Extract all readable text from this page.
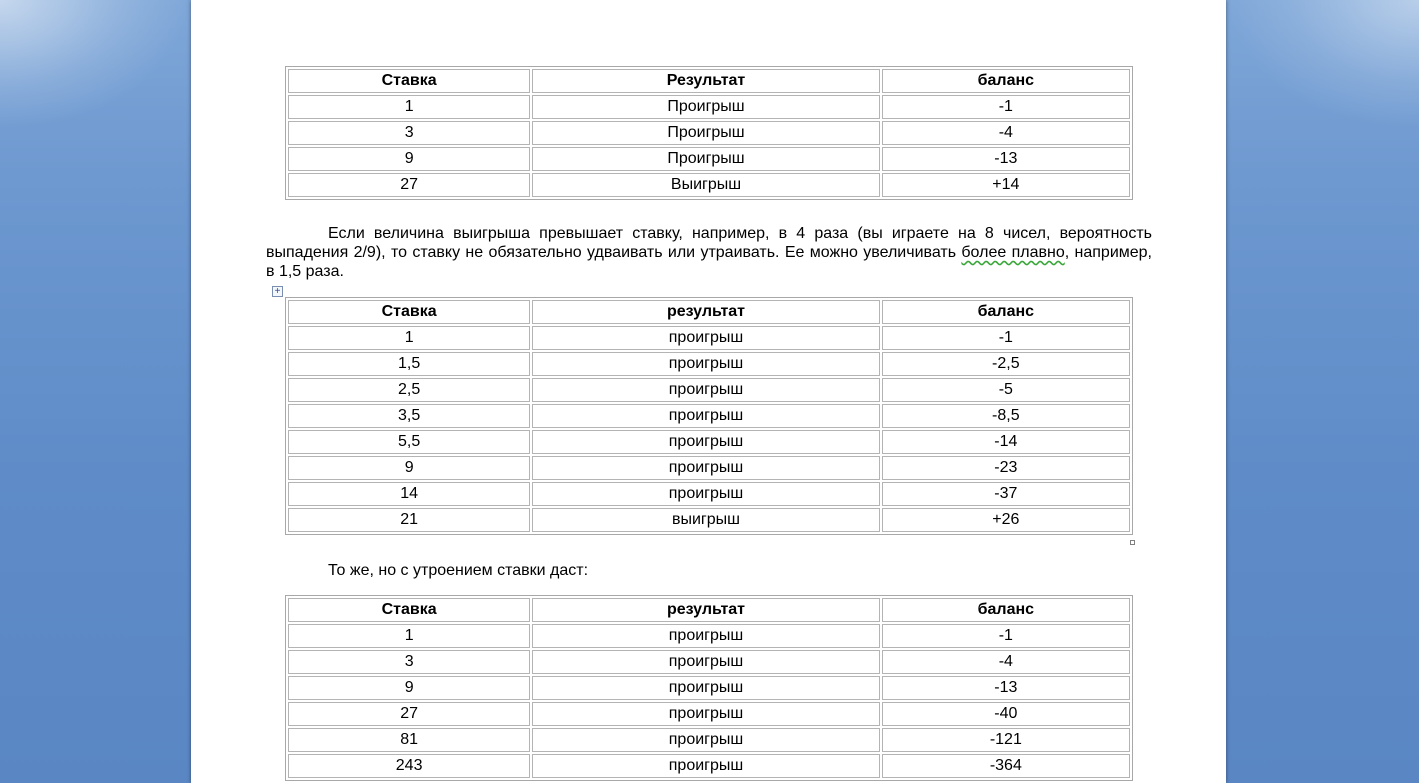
Ставка	Результат	баланс
1	Проигрыш	-1
3	Проигрыш	-4
9	Проигрыш	-13
27	Выигрыш	+14

Если величина выигрыша превышает ставку, например, в 4 раза (вы играете на 8 чисел, вероятность выпадения 2/9), то ставку не обязательно удваивать или утраивать. Ее можно увеличивать более плавно, например, в 1,5 раза.

+
Ставка	результат	баланс
1	проигрыш	-1
1,5	проигрыш	-2,5
2,5	проигрыш	-5
3,5	проигрыш	-8,5
5,5	проигрыш	-14
9	проигрыш	-23
14	проигрыш	-37
21	выигрыш	+26

То же, но с утроением ставки даст:

Ставка	результат	баланс
1	проигрыш	-1
3	проигрыш	-4
9	проигрыш	-13
27	проигрыш	-40
81	проигрыш	-121
243	проигрыш	-364
